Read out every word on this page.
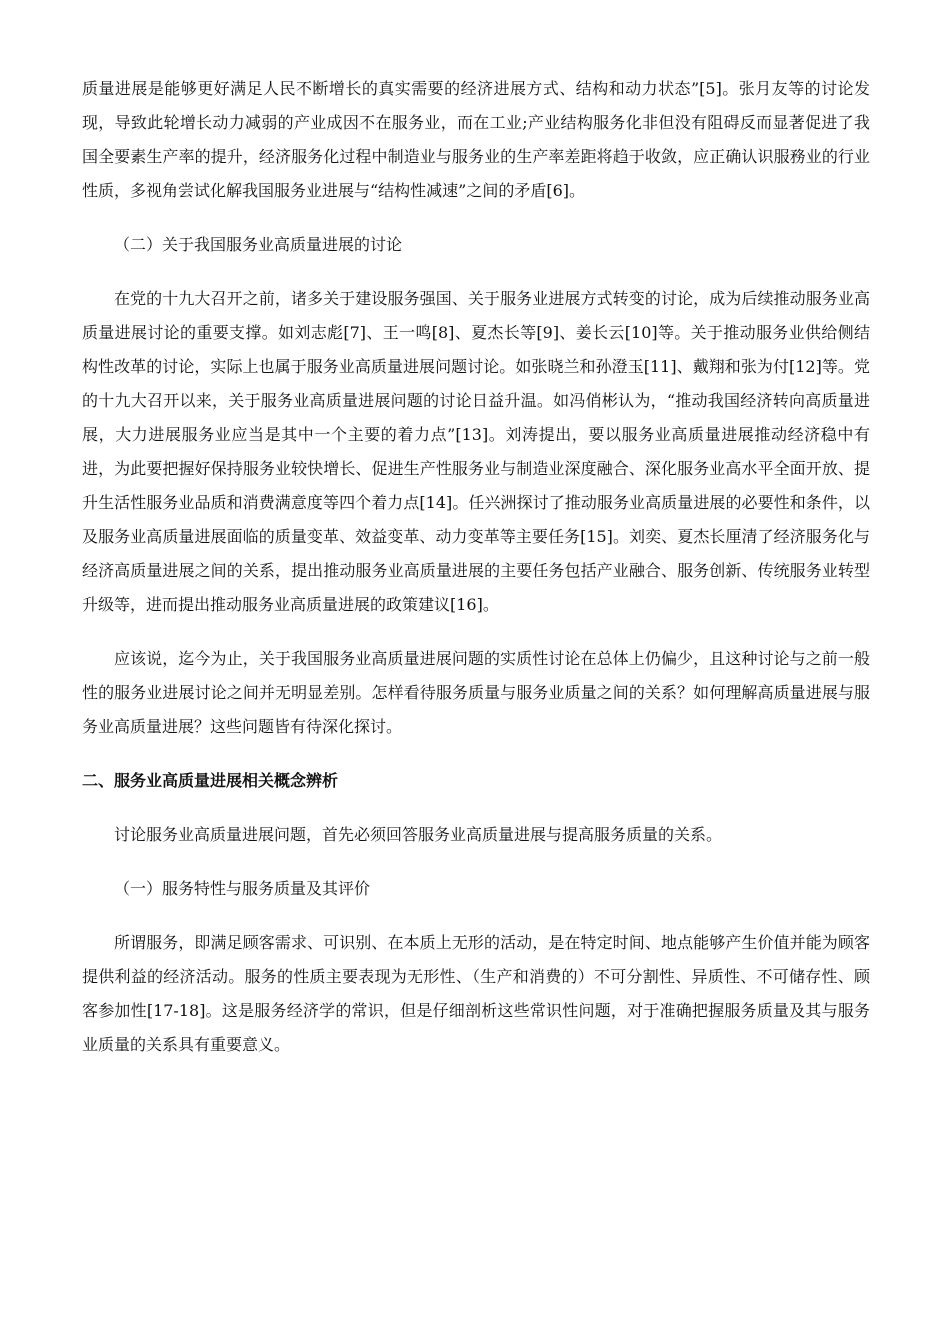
质量进展是能够更好满足人民不断增长的真实需要的经济进展方式、结构和动力状态”[5]。张月友等的讨论发现，导致此轮增长动力减弱的产业成因不在服务业，而在工业;产业结构服务化非但没有阻碍反而显著促进了我国全要素生产率的提升，经济服务化过程中制造业与服务业的生产率差距将趋于收敛，应正确认识服務业的行业性质，多视角尝试化解我国服务业进展与“结构性减速”之间的矛盾[6]。

（二）关于我国服务业高质量进展的讨论

在党的十九大召开之前，诸多关于建设服务强国、关于服务业进展方式转变的讨论，成为后续推动服务业高质量进展讨论的重要支撑。如刘志彪[7]、王一鸣[8]、夏杰长等[9]、姜长云[10]等。关于推动服务业供给侧结构性改革的讨论，实际上也属于服务业高质量进展问题讨论。如张晓兰和孙澄玉[11]、戴翔和张为付[12]等。党的十九大召开以来，关于服务业高质量进展问题的讨论日益升温。如冯俏彬认为，“推动我国经济转向高质量进展，大力进展服务业应当是其中一个主要的着力点”[13]。刘涛提出，要以服务业高质量进展推动经济稳中有进，为此要把握好保持服务业较快增长、促进生产性服务业与制造业深度融合、深化服务业高水平全面开放、提升生活性服务业品质和消费满意度等四个着力点[14]。任兴洲探讨了推动服务业高质量进展的必要性和条件，以及服务业高质量进展面临的质量变革、效益变革、动力变革等主要任务[15]。刘奕、夏杰长厘清了经济服务化与经济高质量进展之间的关系，提出推动服务业高质量进展的主要任务包括产业融合、服务创新、传统服务业转型升级等，进而提出推动服务业高质量进展的政策建议[16]。

应该说，迄今为止，关于我国服务业高质量进展问题的实质性讨论在总体上仍偏少，且这种讨论与之前一般性的服务业进展讨论之间并无明显差别。怎样看待服务质量与服务业质量之间的关系？如何理解高质量进展与服务业高质量进展？这些问题皆有待深化探讨。

二、服务业高质量进展相关概念辨析

讨论服务业高质量进展问题，首先必须回答服务业高质量进展与提高服务质量的关系。

（一）服务特性与服务质量及其评价

所谓服务，即满足顾客需求、可识别、在本质上无形的活动，是在特定时间、地点能够产生价值并能为顾客提供利益的经济活动。服务的性质主要表现为无形性、（生产和消费的）不可分割性、异质性、不可储存性、顾客参加性[17-18]。这是服务经济学的常识，但是仔细剖析这些常识性问题，对于准确把握服务质量及其与服务业质量的关系具有重要意义。
